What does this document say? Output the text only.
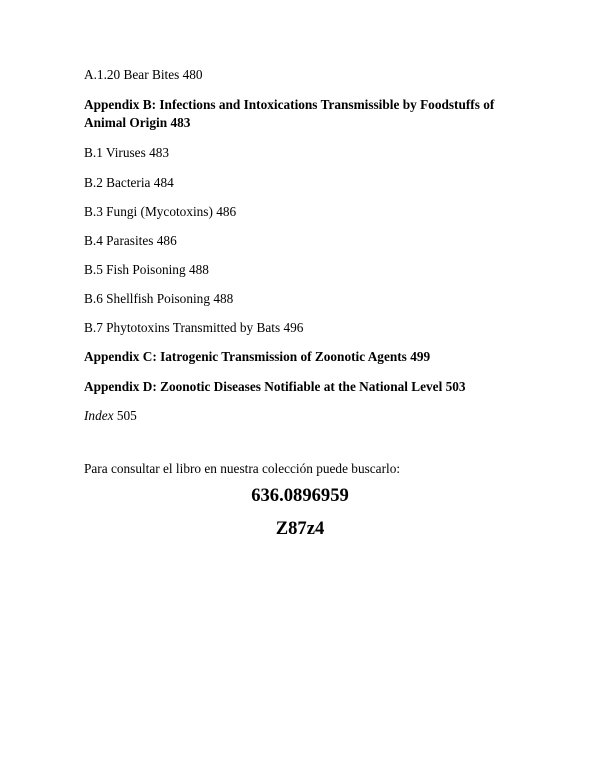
A.1.20 Bear Bites 480

Appendix B: Infections and Intoxications Transmissible by Foodstuffs of Animal Origin 483

B.1 Viruses 483

B.2 Bacteria 484

B.3 Fungi (Mycotoxins) 486

B.4 Parasites 486

B.5 Fish Poisoning 488

B.6 Shellfish Poisoning 488

B.7 Phytotoxins Transmitted by Bats 496

Appendix C: Iatrogenic Transmission of Zoonotic Agents 499

Appendix D: Zoonotic Diseases Notifiable at the National Level 503

Index 505

Para consultar el libro en nuestra colección puede buscarlo:

636.0896959

Z87z4
